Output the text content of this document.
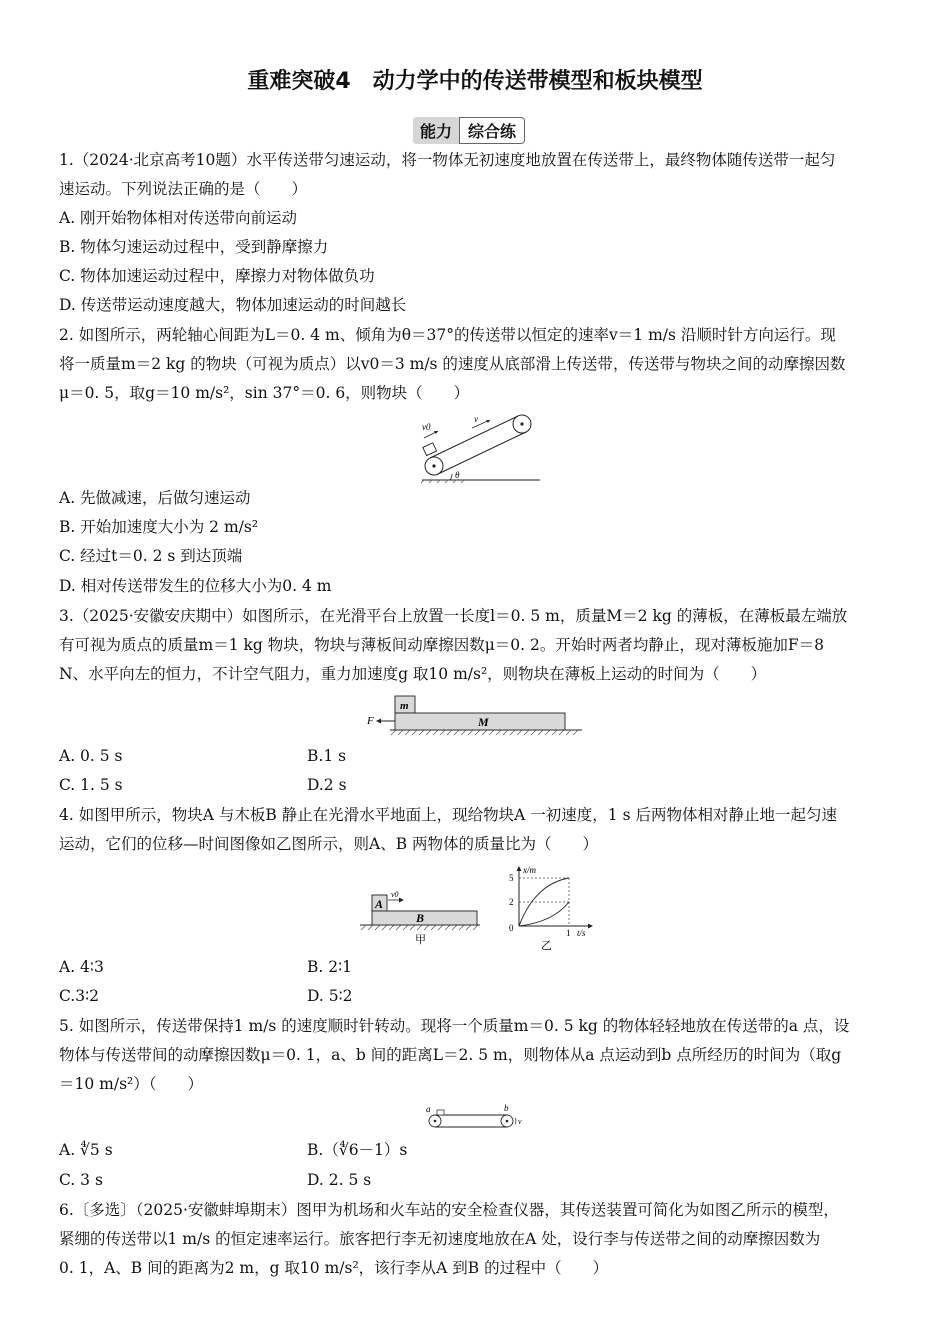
重难突破4　动力学中的传送带模型和板块模型
能力	综合练
1.（2024·北京高考10题）水平传送带匀速运动，将一物体无初速度地放置在传送带上，最终物体随传送带一起匀
速运动。下列说法正确的是（　　）
A. 刚开始物体相对传送带向前运动
B. 物体匀速运动过程中，受到静摩擦力
C. 物体加速运动过程中，摩擦力对物体做负功
D. 传送带运动速度越大，物体加速运动的时间越长
2. 如图所示，两轮轴心间距为L＝0. 4 m、倾角为θ＝37°的传送带以恒定的速率v＝1 m/s 沿顺时针方向运行。现
将一质量m＝2 kg 的物块（可视为质点）以v0＝3 m/s 的速度从底部滑上传送带，传送带与物块之间的动摩擦因数
μ＝0. 5，取g＝10 m/s²，sin 37°＝0. 6，则物块（　　）
v0
v
θ
A. 先做减速，后做匀速运动
B. 开始加速度大小为 2 m/s²
C. 经过t＝0. 2 s 到达顶端
D. 相对传送带发生的位移大小为0. 4 m
3.（2025·安徽安庆期中）如图所示，在光滑平台上放置一长度l＝0. 5 m，质量M＝2 kg 的薄板，在薄板最左端放
有可视为质点的质量m＝1 kg 物块，物块与薄板间动摩擦因数μ＝0. 2。开始时两者均静止，现对薄板施加F＝8
N、水平向左的恒力，不计空气阻力，重力加速度g 取10 m/s²，则物块在薄板上运动的时间为（　　）
F
m
M
A. 0. 5 s	B.1 s
C. 1. 5 s	D.2 s
4. 如图甲所示，物块A 与木板B 静止在光滑水平地面上，现给物块A 一初速度，1 s 后两物体相对静止地一起匀速
运动，它们的位移—时间图像如乙图所示，则A、B 两物体的质量比为（　　）
A
B
v0
甲
x/m
5
2
0	1 t/s
乙
A. 4∶3	B. 2∶1
C.3∶2	D. 5∶2
5. 如图所示，传送带保持1 m/s 的速度顺时针转动。现将一个质量m＝0. 5 kg 的物体轻轻地放在传送带的a 点，设
物体与传送带间的动摩擦因数μ＝0. 1，a、b 间的距离L＝2. 5 m，则物体从a 点运动到b 点所经历的时间为（取g
＝10 m/s²）（　　）
a	b
v
A. ∜5 s	B.（∜6－1）s
C. 3 s	D. 2. 5 s
6.〔多选〕（2025·安徽蚌埠期末）图甲为机场和火车站的安全检查仪器，其传送装置可简化为如图乙所示的模型，
紧绷的传送带以1 m/s 的恒定速率运行。旅客把行李无初速度地放在A 处，设行李与传送带之间的动摩擦因数为
0. 1，A、B 间的距离为2 m，g 取10 m/s²，该行李从A 到B 的过程中（　　）
